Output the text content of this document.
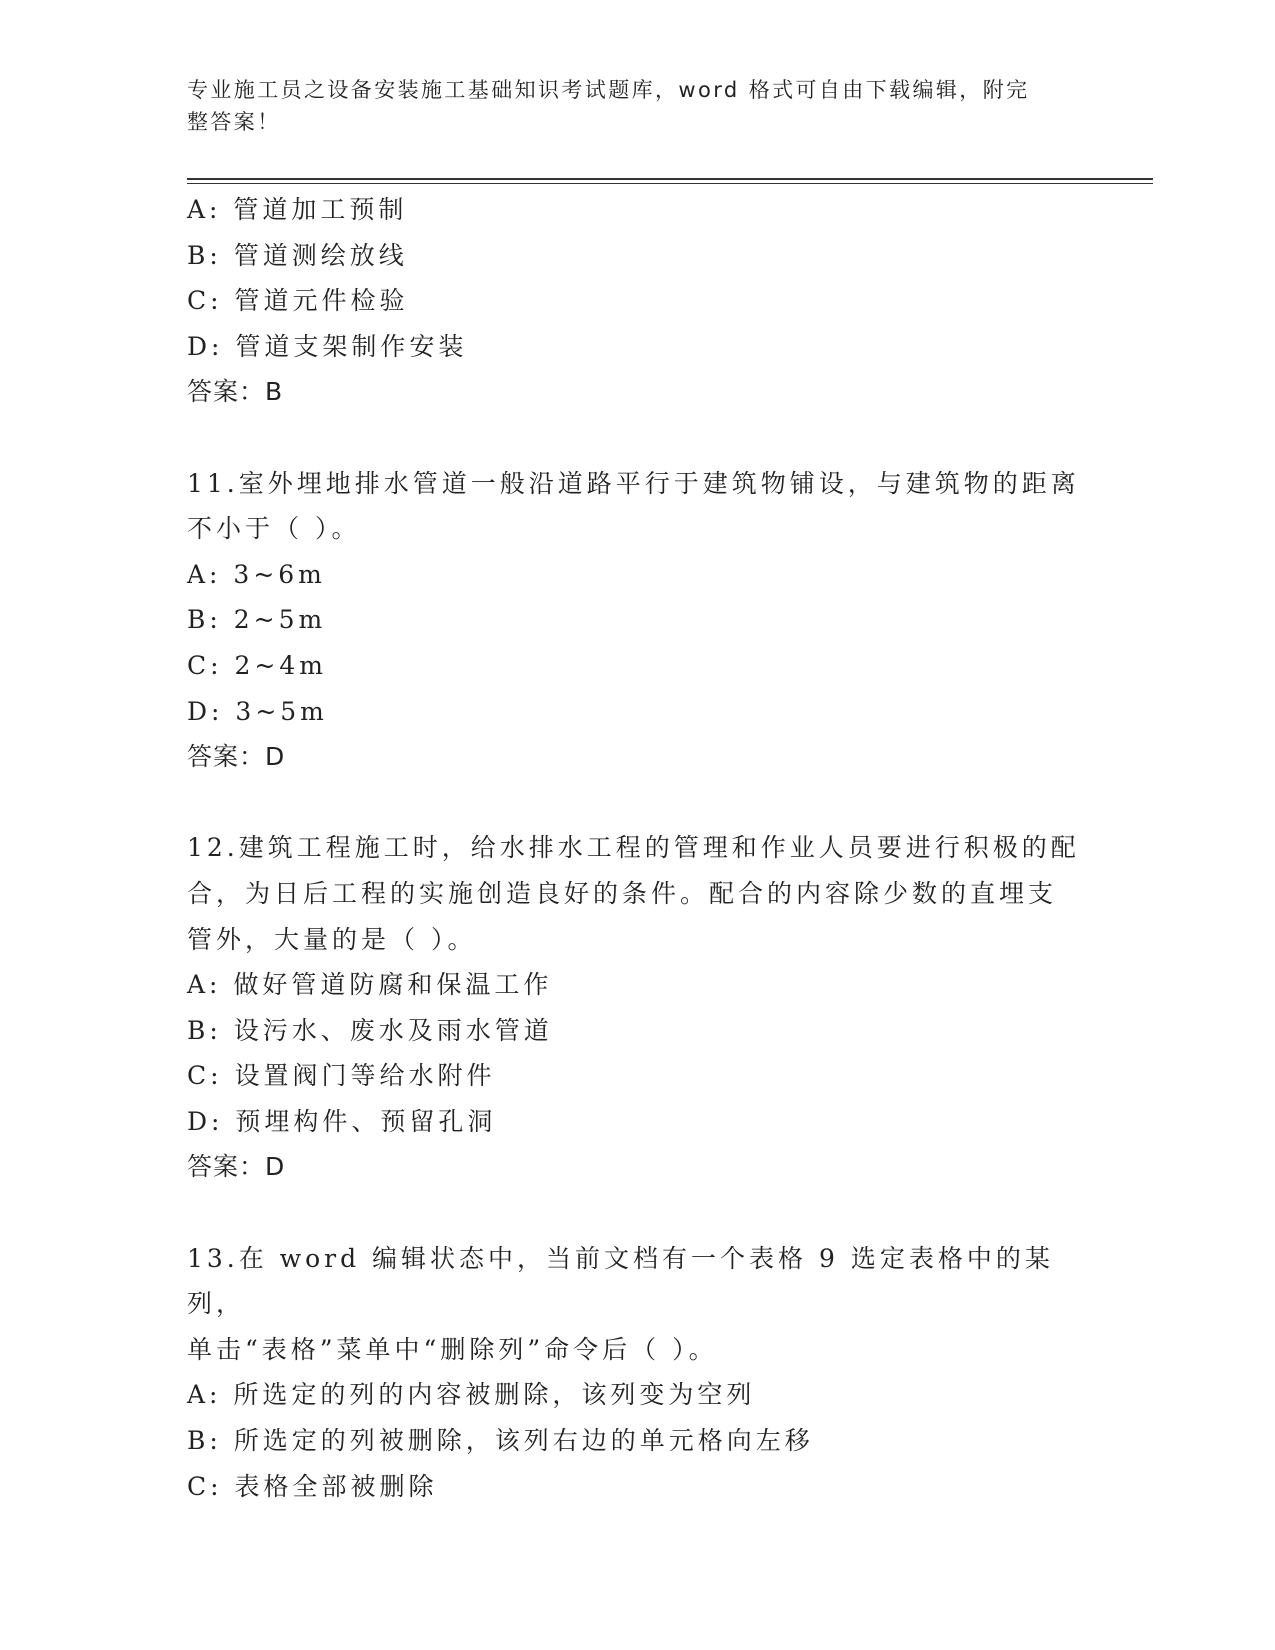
专业施工员之设备安装施工基础知识考试题库，word 格式可自由下载编辑，附完
整答案！
A: 管道加工预制
B: 管道测绘放线
C: 管道元件检验
D: 管道支架制作安装
答案：B
11.室外埋地排水管道一般沿道路平行于建筑物铺设，与建筑物的距离
不小于（ ）。
A: 3~6m
B: 2~5m
C: 2~4m
D: 3~5m
答案：D
12.建筑工程施工时，给水排水工程的管理和作业人员要进行积极的配
合，为日后工程的实施创造良好的条件。配合的内容除少数的直埋支
管外，大量的是（ ）。
A: 做好管道防腐和保温工作
B: 设污水、废水及雨水管道
C: 设置阀门等给水附件
D: 预埋构件、预留孔洞
答案：D
13.在 word 编辑状态中，当前文档有一个表格 9 选定表格中的某列，
单击“表格”菜单中“删除列”命令后（ ）。
A: 所选定的列的内容被删除，该列变为空列
B: 所选定的列被删除，该列右边的单元格向左移
C: 表格全部被删除
